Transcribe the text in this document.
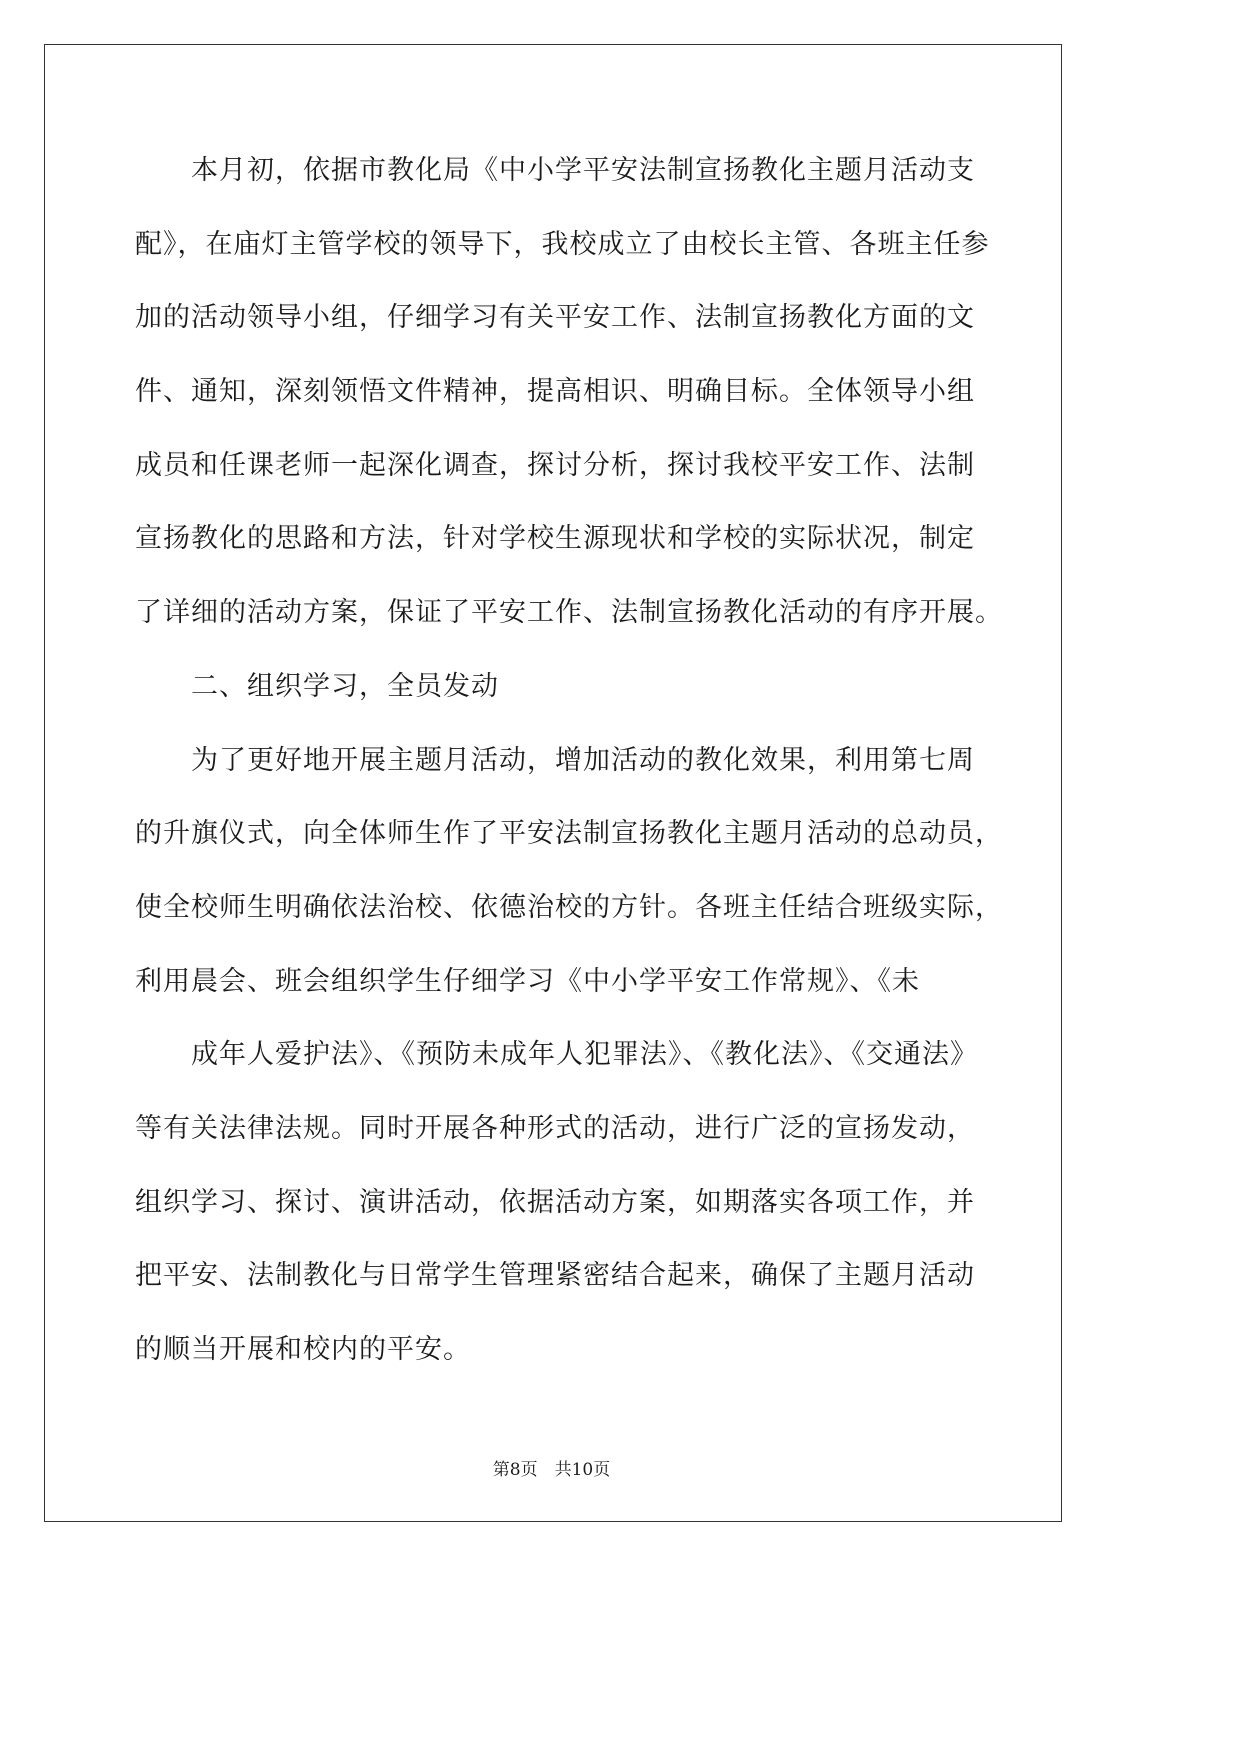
本月初，依据市教化局《中小学平安法制宣扬教化主题月活动支
配》，在庙灯主管学校的领导下，我校成立了由校长主管、各班主任参
加的活动领导小组，仔细学习有关平安工作、法制宣扬教化方面的文
件、通知，深刻领悟文件精神，提高相识、明确目标。全体领导小组
成员和任课老师一起深化调查，探讨分析，探讨我校平安工作、法制
宣扬教化的思路和方法，针对学校生源现状和学校的实际状况，制定
了详细的活动方案，保证了平安工作、法制宣扬教化活动的有序开展。
二、组织学习，全员发动
为了更好地开展主题月活动，增加活动的教化效果，利用第七周
的升旗仪式，向全体师生作了平安法制宣扬教化主题月活动的总动员，
使全校师生明确依法治校、依德治校的方针。各班主任结合班级实际，
利用晨会、班会组织学生仔细学习《中小学平安工作常规》、《未
成年人爱护法》、《预防未成年人犯罪法》、《教化法》、《交通法》
等有关法律法规。同时开展各种形式的活动，进行广泛的宣扬发动，
组织学习、探讨、演讲活动，依据活动方案，如期落实各项工作，并
把平安、法制教化与日常学生管理紧密结合起来，确保了主题月活动
的顺当开展和校内的平安。
第8页　共10页
